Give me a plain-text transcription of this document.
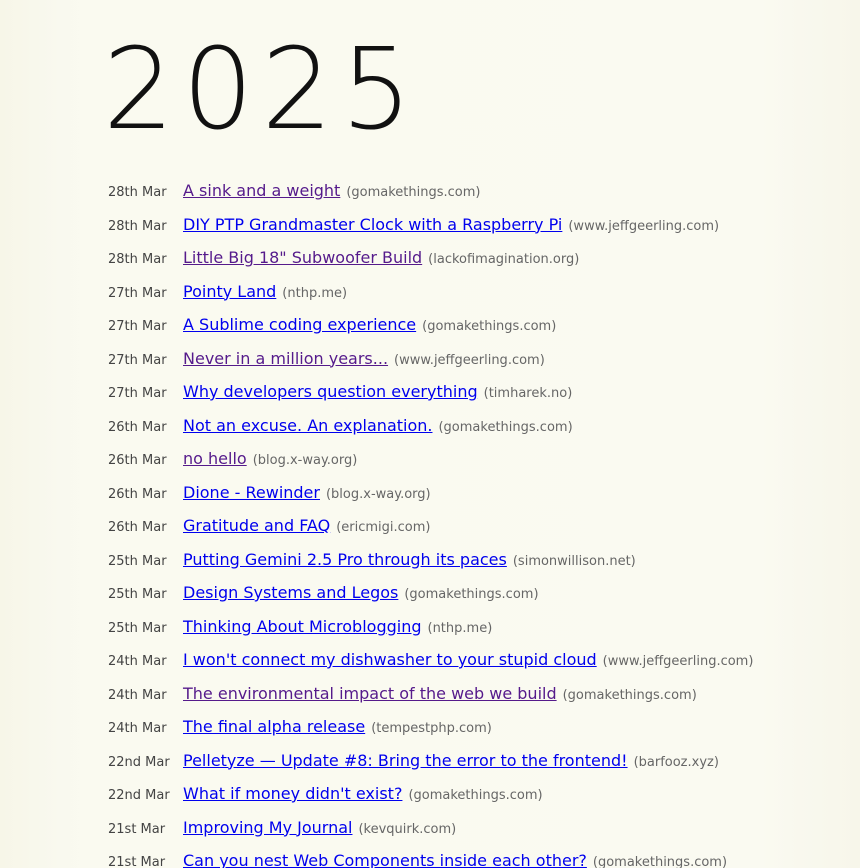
2025
28th Mar	A sink and a weight (gomakethings.com)
28th Mar	DIY PTP Grandmaster Clock with a Raspberry Pi (www.jeffgeerling.com)
28th Mar	Little Big 18" Subwoofer Build (lackofimagination.org)
27th Mar	Pointy Land (nthp.me)
27th Mar	A Sublime coding experience (gomakethings.com)
27th Mar	Never in a million years... (www.jeffgeerling.com)
27th Mar	Why developers question everything (timharek.no)
26th Mar	Not an excuse. An explanation. (gomakethings.com)
26th Mar	no hello (blog.x-way.org)
26th Mar	Dione - Rewinder (blog.x-way.org)
26th Mar	Gratitude and FAQ (ericmigi.com)
25th Mar	Putting Gemini 2.5 Pro through its paces (simonwillison.net)
25th Mar	Design Systems and Legos (gomakethings.com)
25th Mar	Thinking About Microblogging (nthp.me)
24th Mar	I won't connect my dishwasher to your stupid cloud (www.jeffgeerling.com)
24th Mar	The environmental impact of the web we build (gomakethings.com)
24th Mar	The final alpha release (tempestphp.com)
22nd Mar Pelletyze — Update #8: Bring the error to the frontend! (barfooz.xyz)
22nd Mar What if money didn't exist? (gomakethings.com)
21st Mar	Improving My Journal (kevquirk.com)
21st Mar	Can you nest Web Components inside each other? (gomakethings.com)
